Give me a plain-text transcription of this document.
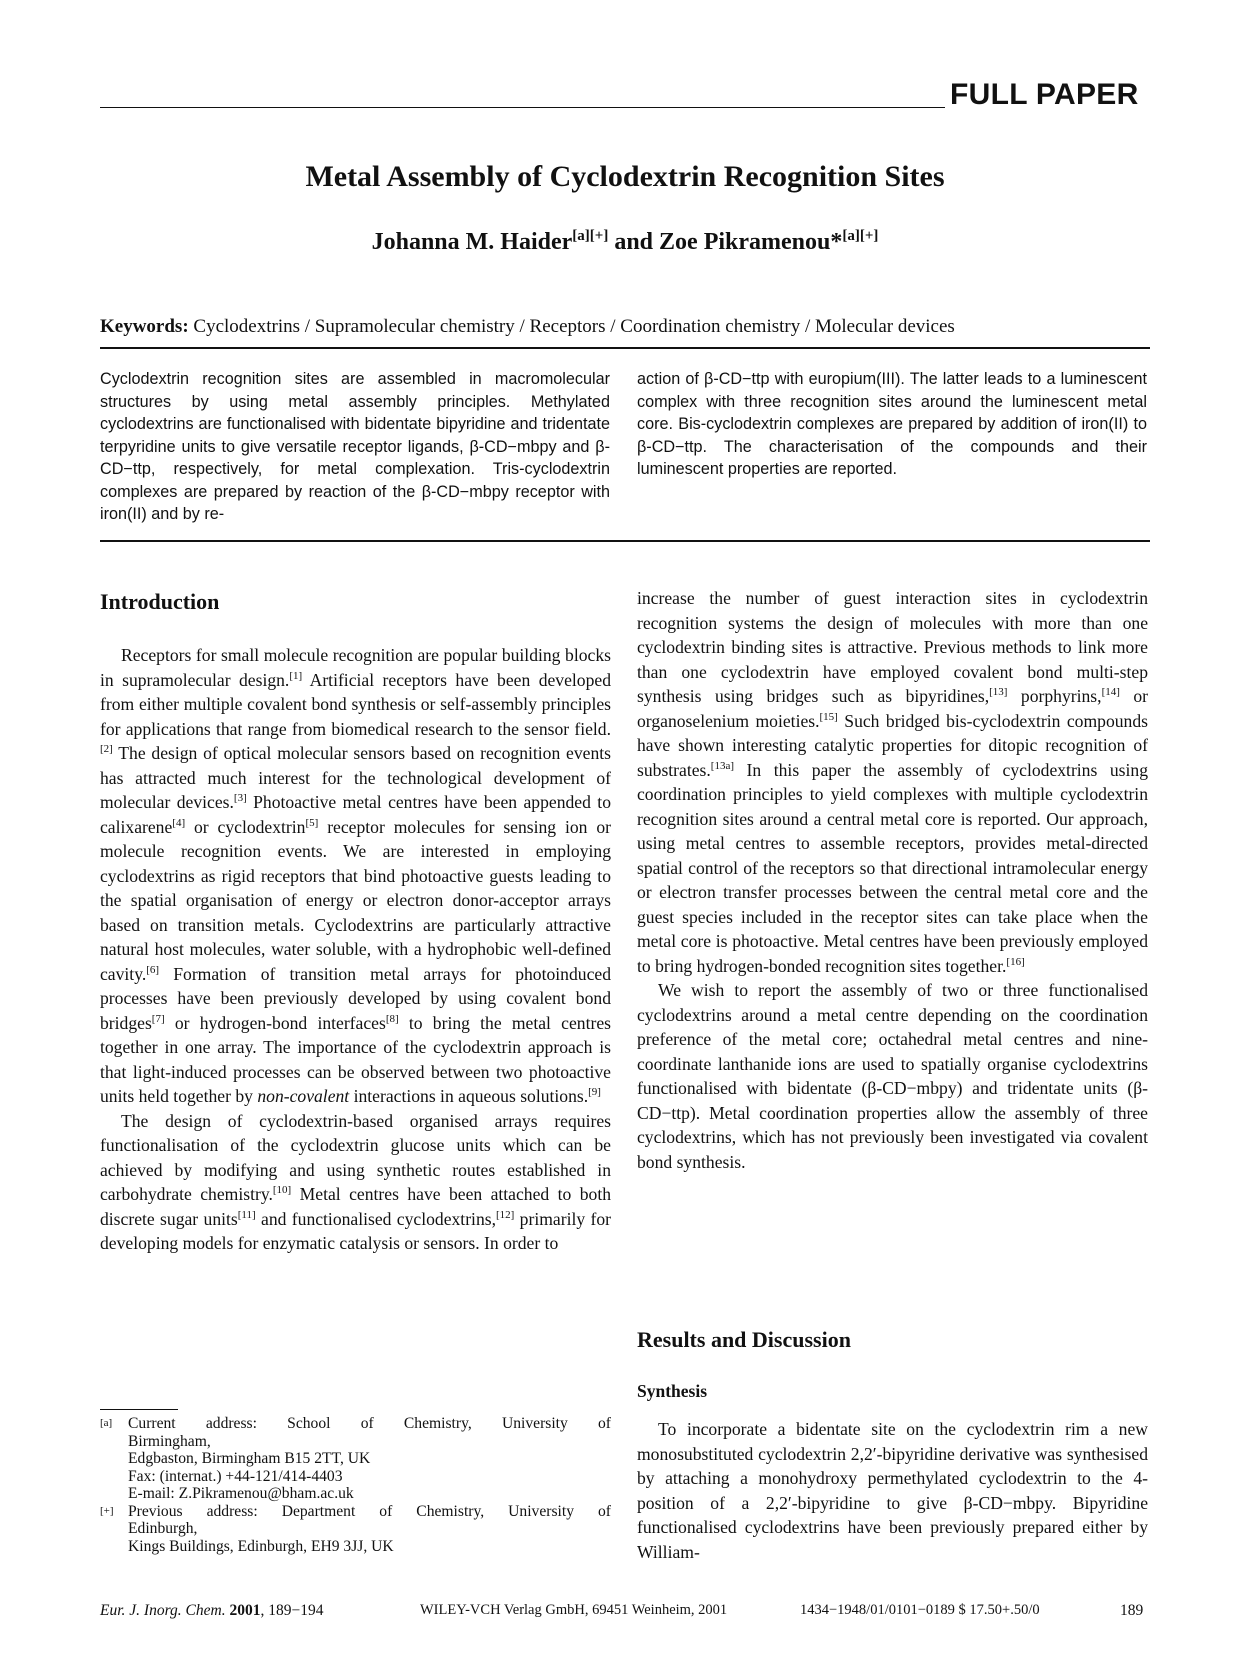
FULL PAPER
Metal Assembly of Cyclodextrin Recognition Sites
Johanna M. Haider[a][+] and Zoe Pikramenou*[a][+]
Keywords: Cyclodextrins / Supramolecular chemistry / Receptors / Coordination chemistry / Molecular devices
Cyclodextrin recognition sites are assembled in macromolecular structures by using metal assembly principles. Methylated cyclodextrins are functionalised with bidentate bipyridine and tridentate terpyridine units to give versatile receptor ligands, β-CD−mbpy and β-CD−ttp, respectively, for metal complexation. Tris-cyclodextrin complexes are prepared by reaction of the β-CD−mbpy receptor with iron(II) and by re-
action of β-CD−ttp with europium(III). The latter leads to a luminescent complex with three recognition sites around the luminescent metal core. Bis-cyclodextrin complexes are prepared by addition of iron(II) to β-CD−ttp. The characterisation of the compounds and their luminescent properties are reported.
Introduction

Receptors for small molecule recognition are popular building blocks in supramolecular design.[1] Artificial receptors have been developed from either multiple covalent bond synthesis or self-assembly principles for applications that range from biomedical research to the sensor field.[2] The design of optical molecular sensors based on recognition events has attracted much interest for the technological development of molecular devices.[3] Photoactive metal centres have been appended to calixarene[4] or cyclodextrin[5] receptor molecules for sensing ion or molecule recognition events. We are interested in employing cyclodextrins as rigid receptors that bind photoactive guests leading to the spatial organisation of energy or electron donor-acceptor arrays based on transition metals. Cyclodextrins are particularly attractive natural host molecules, water soluble, with a hydrophobic well-defined cavity.[6] Formation of transition metal arrays for photoinduced processes have been previously developed by using covalent bond bridges[7] or hydrogen-bond interfaces[8] to bring the metal centres together in one array. The importance of the cyclodextrin approach is that light-induced processes can be observed between two photoactive units held together by non-covalent interactions in aqueous solutions.[9]

The design of cyclodextrin-based organised arrays requires functionalisation of the cyclodextrin glucose units which can be achieved by modifying and using synthetic routes established in carbohydrate chemistry.[10] Metal centres have been attached to both discrete sugar units[11] and functionalised cyclodextrins,[12] primarily for developing models for enzymatic catalysis or sensors. In order to

[a]	Current address: School of Chemistry, University of
Birmingham,
Edgbaston, Birmingham B15 2TT, UK
Fax: (internat.) +44-121/414-4403
E-mail: Z.Pikramenou@bham.ac.uk
[+] Previous address: Department of Chemistry, University of
Edinburgh,
Kings Buildings, Edinburgh, EH9 3JJ, UK

increase the number of guest interaction sites in cyclodextrin recognition systems the design of molecules with more than one cyclodextrin binding sites is attractive. Previous methods to link more than one cyclodextrin have employed covalent bond multi-step synthesis using bridges such as bipyridines,[13] porphyrins,[14] or organoselenium moieties.[15] Such bridged bis-cyclodextrin compounds have shown interesting catalytic properties for ditopic recognition of substrates.[13a] In this paper the assembly of cyclodextrins using coordination principles to yield complexes with multiple cyclodextrin recognition sites around a central metal core is reported. Our approach, using metal centres to assemble receptors, provides metal-directed spatial control of the receptors so that directional intramolecular energy or electron transfer processes between the central metal core and the guest species included in the receptor sites can take place when the metal core is photoactive. Metal centres have been previously employed to bring hydrogen-bonded recognition sites together.[16]

We wish to report the assembly of two or three functionalised cyclodextrins around a metal centre depending on the coordination preference of the metal core; octahedral metal centres and nine-coordinate lanthanide ions are used to spatially organise cyclodextrins functionalised with bidentate (β-CD−mbpy) and tridentate units (β-CD−ttp). Metal coordination properties allow the assembly of three cyclodextrins, which has not previously been investigated via covalent bond synthesis.

Results and Discussion
Synthesis

To incorporate a bidentate site on the cyclodextrin rim a new monosubstituted cyclodextrin 2,2′-bipyridine derivative was synthesised by attaching a monohydroxy permethylated cyclodextrin to the 4-position of a 2,2′-bipyridine to give β-CD−mbpy. Bipyridine functionalised cyclodextrins have been previously prepared either by William-

Eur. J. Inorg. Chem. 2001, 189−194	WILEY-VCH Verlag GmbH, 69451 Weinheim, 2001	1434−1948/01/0101−0189 $ 17.50+.50/0	189
